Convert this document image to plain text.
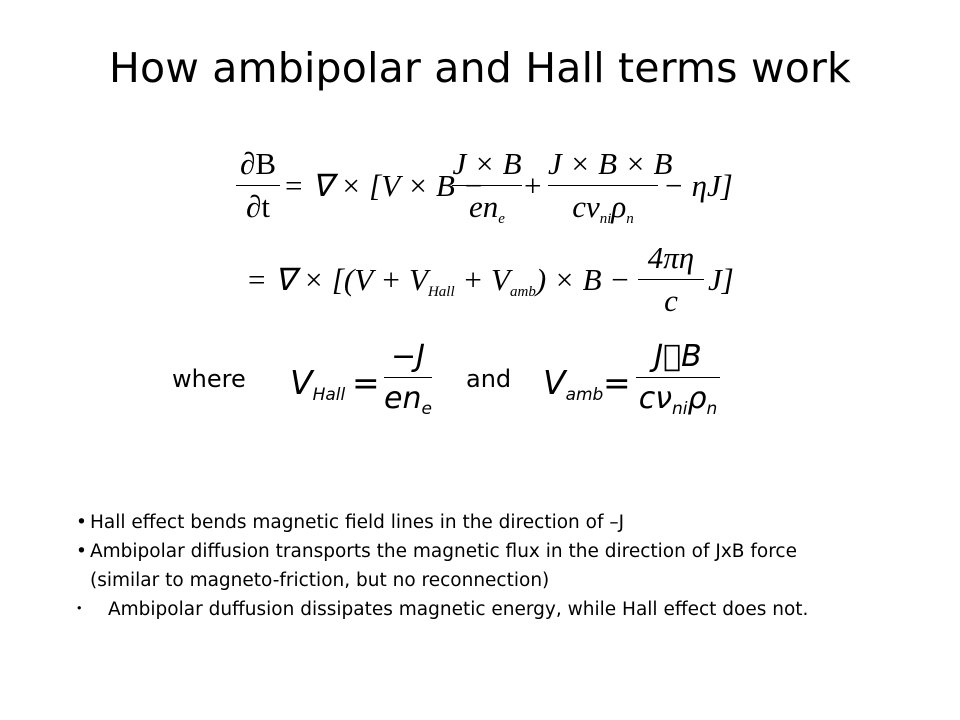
How ambipolar and Hall terms work
∂B
∂t
= ∇ × [V × B −
J × B
ene
+
J × B × B
cνniρn
− ηJ]
= ∇ × [(V + VHall + Vamb) × B −
4πη
c
J]
where VHall =
−J
$en_e$
and Vamb =
J⃞B
$c\nu_{ni}\rho_n$
• Hall effect bends magnetic field lines in the direction of –J
• Ambipolar diffusion transports the magnetic flux in the direction of JxB force
(similar to magneto-friction, but no reconnection)
・ Ambipolar duffusion dissipates magnetic energy, while Hall effect does not.
